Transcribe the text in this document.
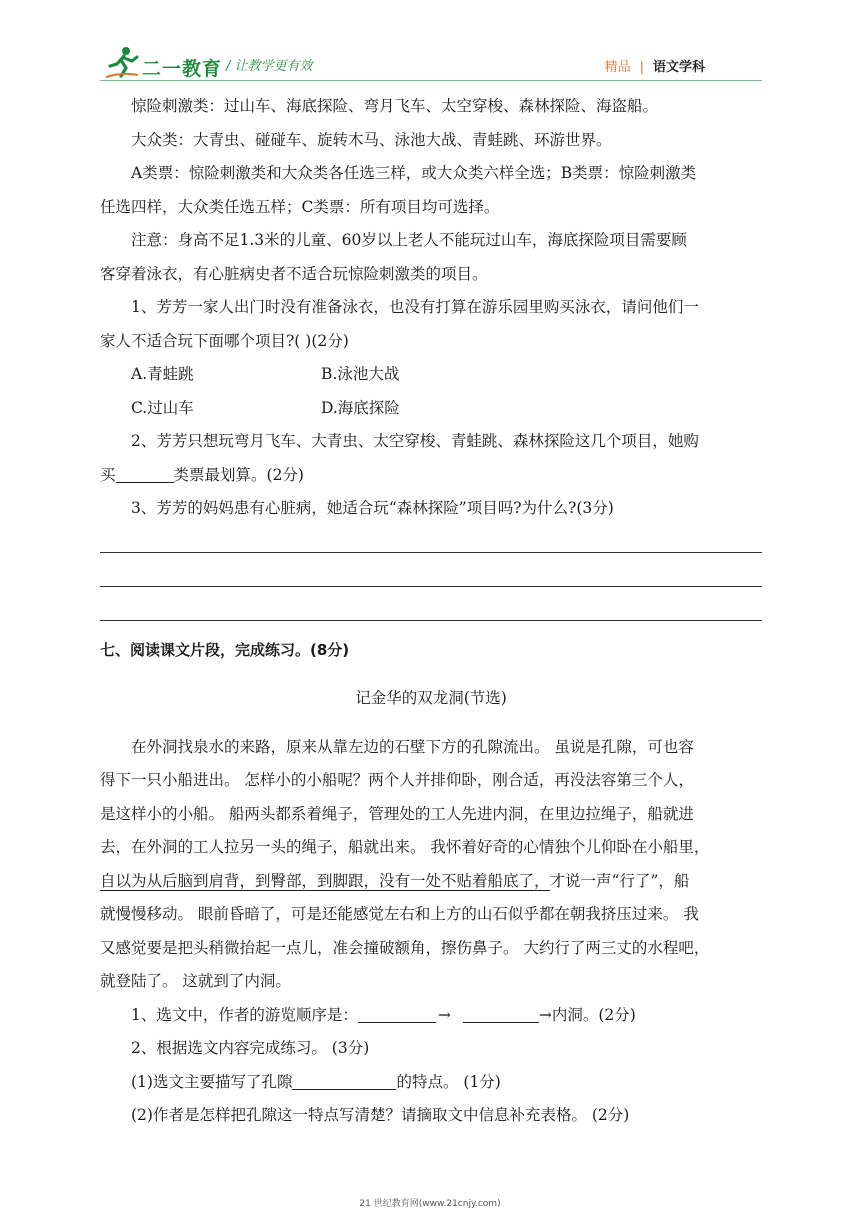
二一教育 / 让教学更有效	精品 | 语文学科

惊险刺激类：过山车、海底探险、弯月飞车、太空穿梭、森林探险、海盗船。

大众类：大青虫、碰碰车、旋转木马、泳池大战、青蛙跳、环游世界。

A类票：惊险刺激类和大众类各任选三样，或大众类六样全选；B类票：惊险刺激类

任选四样，大众类任选五样；C类票：所有项目均可选择。

注意：身高不足1.3米的儿童、60岁以上老人不能玩过山车，海底探险项目需要顾

客穿着泳衣，有心脏病史者不适合玩惊险刺激类的项目。

1、芳芳一家人出门时没有准备泳衣，也没有打算在游乐园里购买泳衣，请问他们一

家人不适合玩下面哪个项目?( )(2分)

A.青蛙跳	B.泳池大战
C.过山车	D.海底探险

2、芳芳只想玩弯月飞车、大青虫、太空穿梭、青蛙跳、森林探险这几个项目，她购

买	类票最划算。(2分)

3、芳芳的妈妈患有心脏病，她适合玩“森林探险”项目吗?为什么?(3分)

七、阅读课文片段，完成练习。(8分)

记金华的双龙洞(节选)

在外洞找泉水的来路，原来从靠左边的石壁下方的孔隙流出。 虽说是孔隙，可也容

得下一只小船进出。 怎样小的小船呢？两个人并排仰卧，刚合适，再没法容第三个人，

是这样小的小船。 船两头都系着绳子，管理处的工人先进内洞，在里边拉绳子，船就进

去，在外洞的工人拉另一头的绳子，船就出来。 我怀着好奇的心情独个儿仰卧在小船里，

自以为从后脑到肩背，到臀部，到脚跟，没有一处不贴着船底了，才说一声“行了”，船

就慢慢移动。 眼前昏暗了，可是还能感觉左右和上方的山石似乎都在朝我挤压过来。 我

又感觉要是把头稍微抬起一点儿，准会撞破额角，擦伤鼻子。 大约行了两三丈的水程吧，

就登陆了。 这就到了内洞。

1、选文中，作者的游览顺序是：	→	→内洞。(2分)

2、根据选文内容完成练习。 (3分)

(1)选文主要描写了孔隙	的特点。 (1分)

(2)作者是怎样把孔隙这一特点写清楚？请摘取文中信息补充表格。 (2分)

21 世纪教育网(www.21cnjy.com)
